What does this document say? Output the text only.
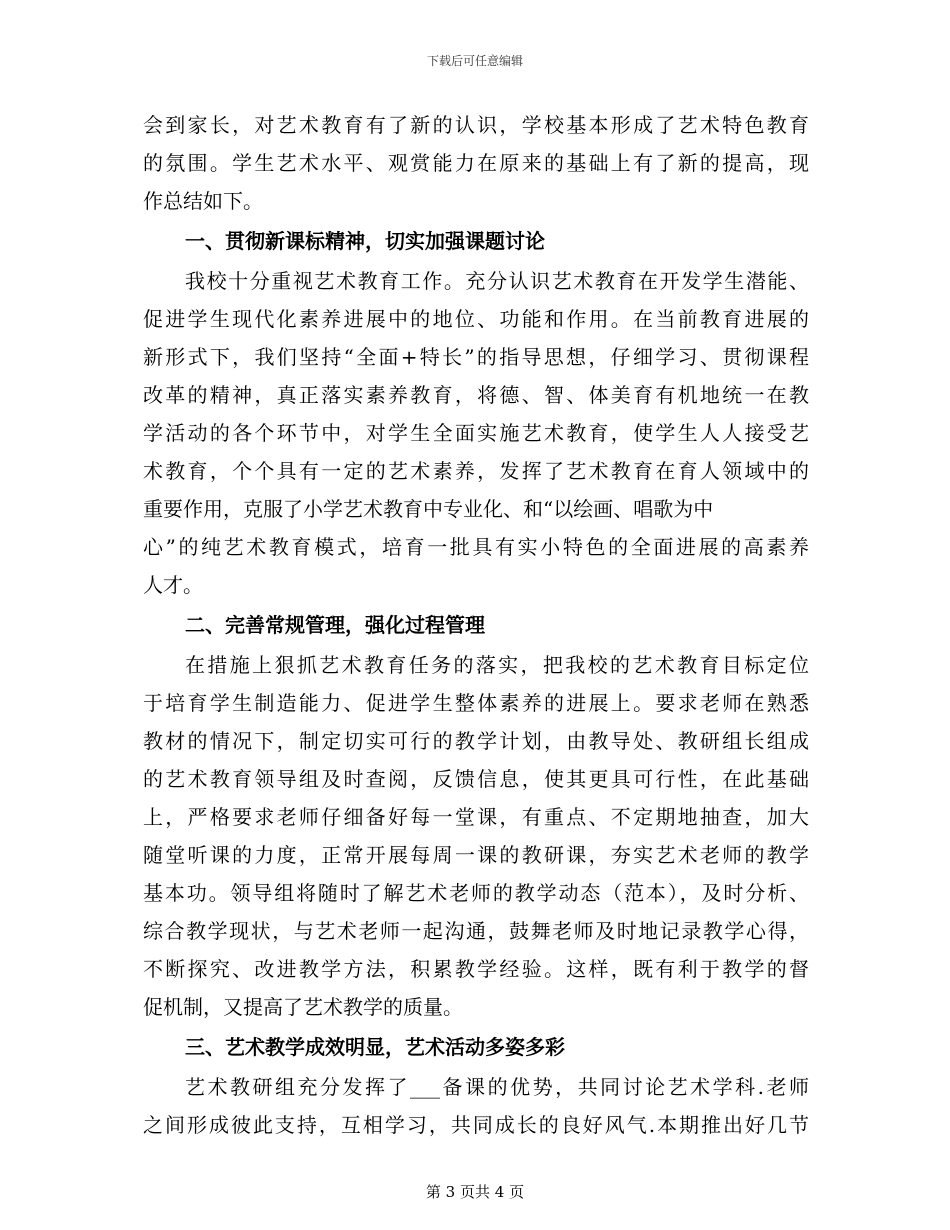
下载后可任意编辑
会到家长，对艺术教育有了新的认识，学校基本形成了艺术特色教育
的氛围。学生艺术水平、观赏能力在原来的基础上有了新的提高，现
作总结如下。
一、贯彻新课标精神，切实加强课题讨论
我校十分重视艺术教育工作。充分认识艺术教育在开发学生潜能、
促进学生现代化素养进展中的地位、功能和作用。在当前教育进展的
新形式下，我们坚持“全面+特长”的指导思想，仔细学习、贯彻课程
改革的精神，真正落实素养教育，将德、智、体美育有机地统一在教
学活动的各个环节中，对学生全面实施艺术教育，使学生人人接受艺
术教育，个个具有一定的艺术素养，发挥了艺术教育在育人领域中的
重要作用，克服了小学艺术教育中专业化、和“以绘画、唱歌为中
心”的纯艺术教育模式，培育一批具有实小特色的全面进展的高素养
人才。
二、完善常规管理，强化过程管理
在措施上狠抓艺术教育任务的落实，把我校的艺术教育目标定位
于培育学生制造能力、促进学生整体素养的进展上。要求老师在熟悉
教材的情况下，制定切实可行的教学计划，由教导处、教研组长组成
的艺术教育领导组及时查阅，反馈信息，使其更具可行性，在此基础
上，严格要求老师仔细备好每一堂课，有重点、不定期地抽查，加大
随堂听课的力度，正常开展每周一课的教研课，夯实艺术老师的教学
基本功。领导组将随时了解艺术老师的教学动态（范本），及时分析、
综合教学现状，与艺术老师一起沟通，鼓舞老师及时地记录教学心得，
不断探究、改进教学方法，积累教学经验。这样，既有利于教学的督
促机制，又提高了艺术教学的质量。
三、艺术教学成效明显，艺术活动多姿多彩
艺术教研组充分发挥了___备课的优势，共同讨论艺术学科.老师
之间形成彼此支持，互相学习，共同成长的良好风气.本期推出好几节
第 3 页共 4 页
